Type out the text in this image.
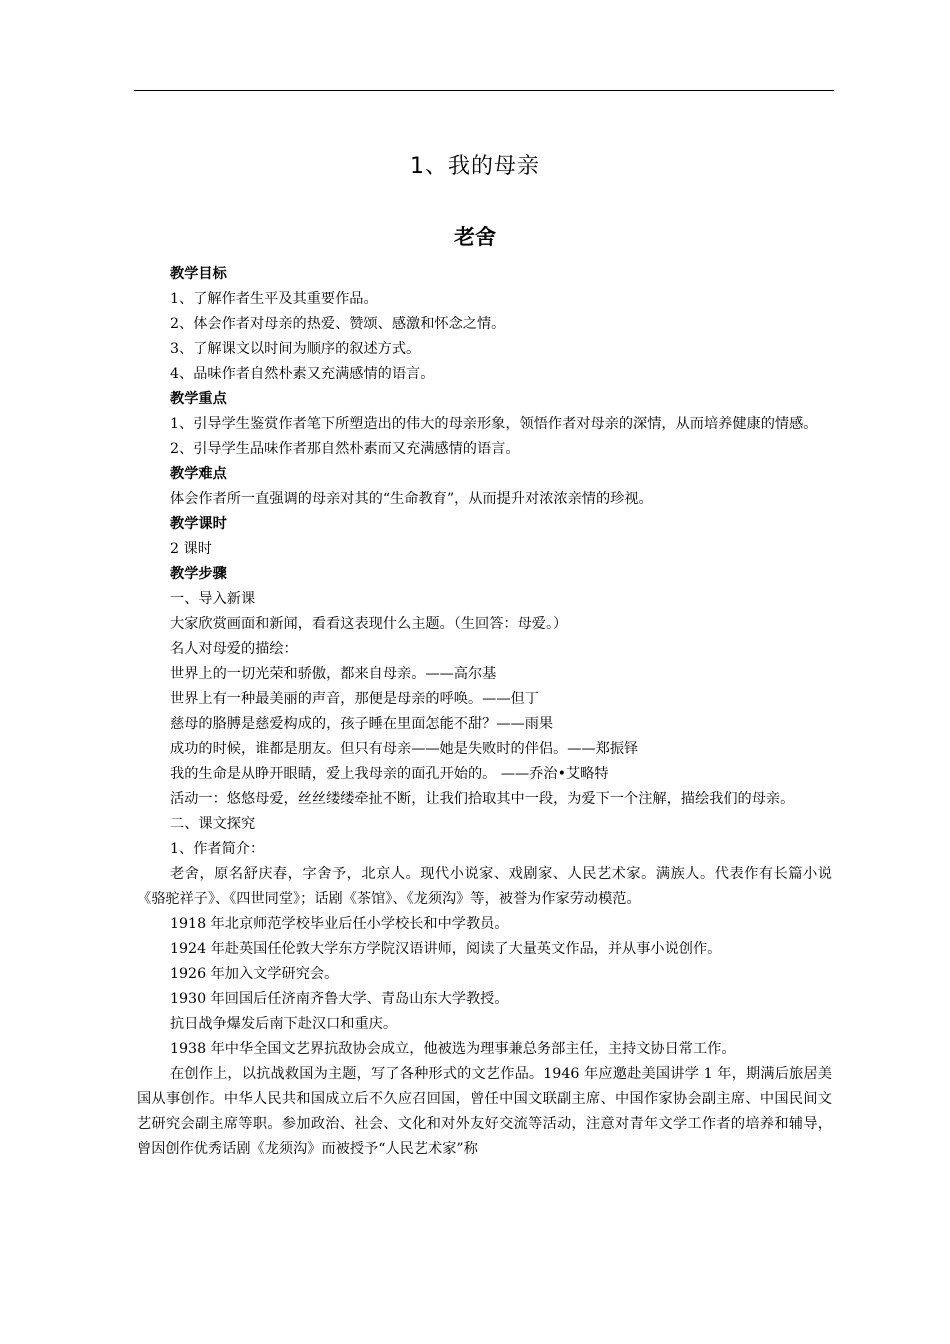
1、我的母亲
老舍

教学目标

1、了解作者生平及其重要作品。

2、体会作者对母亲的热爱、赞颂、感激和怀念之情。

3、了解课文以时间为顺序的叙述方式。

4、品味作者自然朴素又充满感情的语言。

教学重点

1、引导学生鉴赏作者笔下所塑造出的伟大的母亲形象，领悟作者对母亲的深情，从而培养健康的情感。

2、引导学生品味作者那自然朴素而又充满感情的语言。

教学难点

体会作者所一直强调的母亲对其的“生命教育”，从而提升对浓浓亲情的珍视。

教学课时

2 课时

教学步骤

一、导入新课

大家欣赏画面和新闻，看看这表现什么主题。（生回答：母爱。）

名人对母爱的描绘：

世界上的一切光荣和骄傲，都来自母亲。——高尔基

世界上有一种最美丽的声音，那便是母亲的呼唤。——但丁

慈母的胳膊是慈爱构成的，孩子睡在里面怎能不甜？——雨果

成功的时候，谁都是朋友。但只有母亲——她是失败时的伴侣。——郑振铎

我的生命是从睁开眼睛，爱上我母亲的面孔开始的。 ——乔治•艾略特

活动一：悠悠母爱，丝丝缕缕牵扯不断，让我们拾取其中一段，为爱下一个注解，描绘我们的母亲。

二、课文探究

1、作者简介：

老舍，原名舒庆春，字舍予，北京人。现代小说家、戏剧家、人民艺术家。满族人。代表作有长篇小说《骆驼祥子》、《四世同堂》；话剧《茶馆》、《龙须沟》等，被誉为作家劳动模范。

1918 年北京师范学校毕业后任小学校长和中学教员。

1924 年赴英国任伦敦大学东方学院汉语讲师，阅读了大量英文作品，并从事小说创作。

1926 年加入文学研究会。

1930 年回国后任济南齐鲁大学、青岛山东大学教授。

抗日战争爆发后南下赴汉口和重庆。

1938 年中华全国文艺界抗敌协会成立，他被选为理事兼总务部主任，主持文协日常工作。

在创作上，以抗战救国为主题，写了各种形式的文艺作品。1946 年应邀赴美国讲学 1 年，期满后旅居美国从事创作。中华人民共和国成立后不久应召回国，曾任中国文联副主席、中国作家协会副主席、中国民间文艺研究会副主席等职。参加政治、社会、文化和对外友好交流等活动，注意对青年文学工作者的培养和辅导，曾因创作优秀话剧《龙须沟》而被授予“人民艺术家”称
